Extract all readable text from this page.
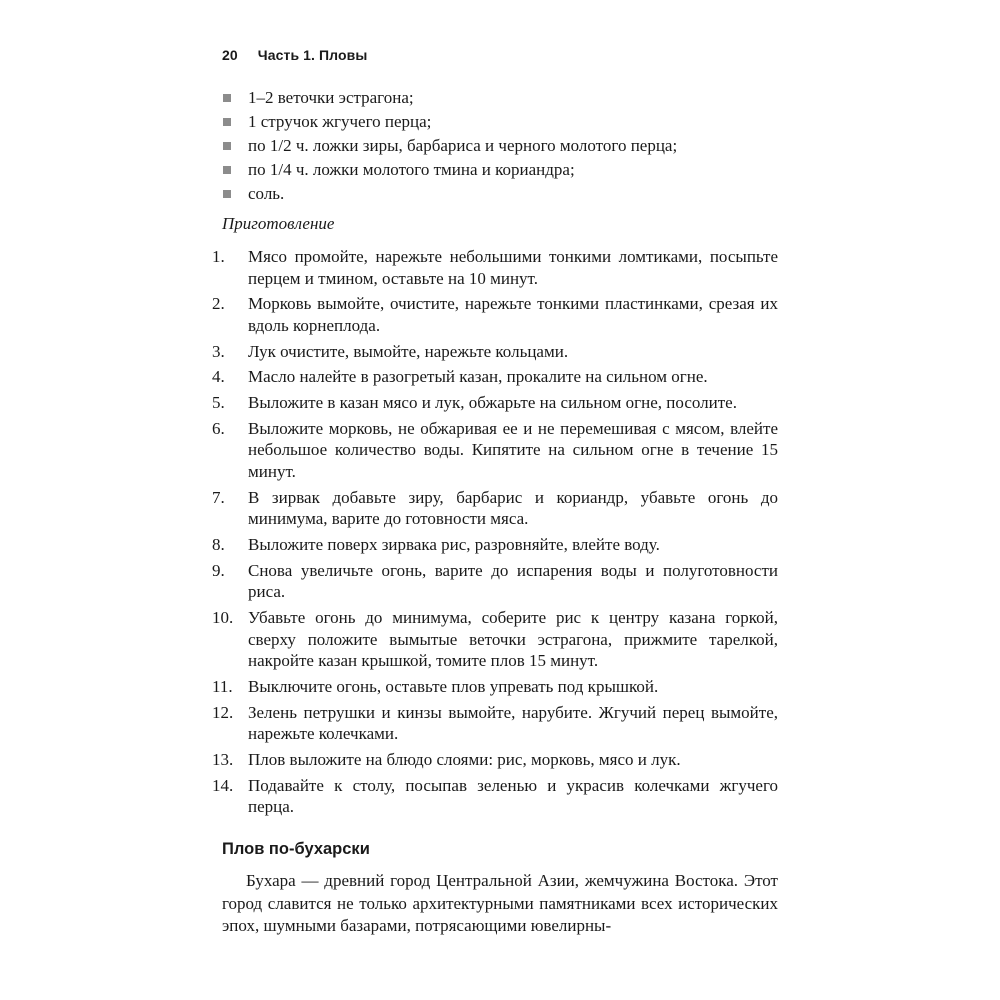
20 Часть 1. Пловы
1–2 веточки эстрагона;
1 стручок жгучего перца;
по 1/2 ч. ложки зиры, барбариса и черного молотого перца;
по 1/4 ч. ложки молотого тмина и кориандра;
соль.
Приготовление
1.	Мясо промойте, нарежьте небольшими тонкими ломтиками, посыпьте перцем и тмином, оставьте на 10 минут.
2.	Морковь вымойте, очистите, нарежьте тонкими пластинками, срезая их вдоль корнеплода.
3.	Лук очистите, вымойте, нарежьте кольцами.
4.	Масло налейте в разогретый казан, прокалите на сильном огне.
5.	Выложите в казан мясо и лук, обжарьте на сильном огне, посолите.
6.	Выложите морковь, не обжаривая ее и не перемешивая с мясом, влейте небольшое количество воды. Кипятите на сильном огне в течение 15 минут.
7.	В зирвак добавьте зиру, барбарис и кориандр, убавьте огонь до минимума, варите до готовности мяса.
8.	Выложите поверх зирвака рис, разровняйте, влейте воду.
9.	Снова увеличьте огонь, варите до испарения воды и полуготовности риса.
10. Убавьте огонь до минимума, соберите рис к центру казана горкой, сверху положите вымытые веточки эстрагона, прижмите тарелкой, накройте казан крышкой, томите плов 15 минут.
11. Выключите огонь, оставьте плов упревать под крышкой.
12. Зелень петрушки и кинзы вымойте, нарубите. Жгучий перец вымойте, нарежьте колечками.
13. Плов выложите на блюдо слоями: рис, морковь, мясо и лук.
14. Подавайте к столу, посыпав зеленью и украсив колечками жгучего перца.
Плов по-бухарски

Бухара — древний город Центральной Азии, жемчужина Востока. Этот город славится не только архитектурными памятниками всех исторических эпох, шумными базарами, потрясающими ювелирны-
